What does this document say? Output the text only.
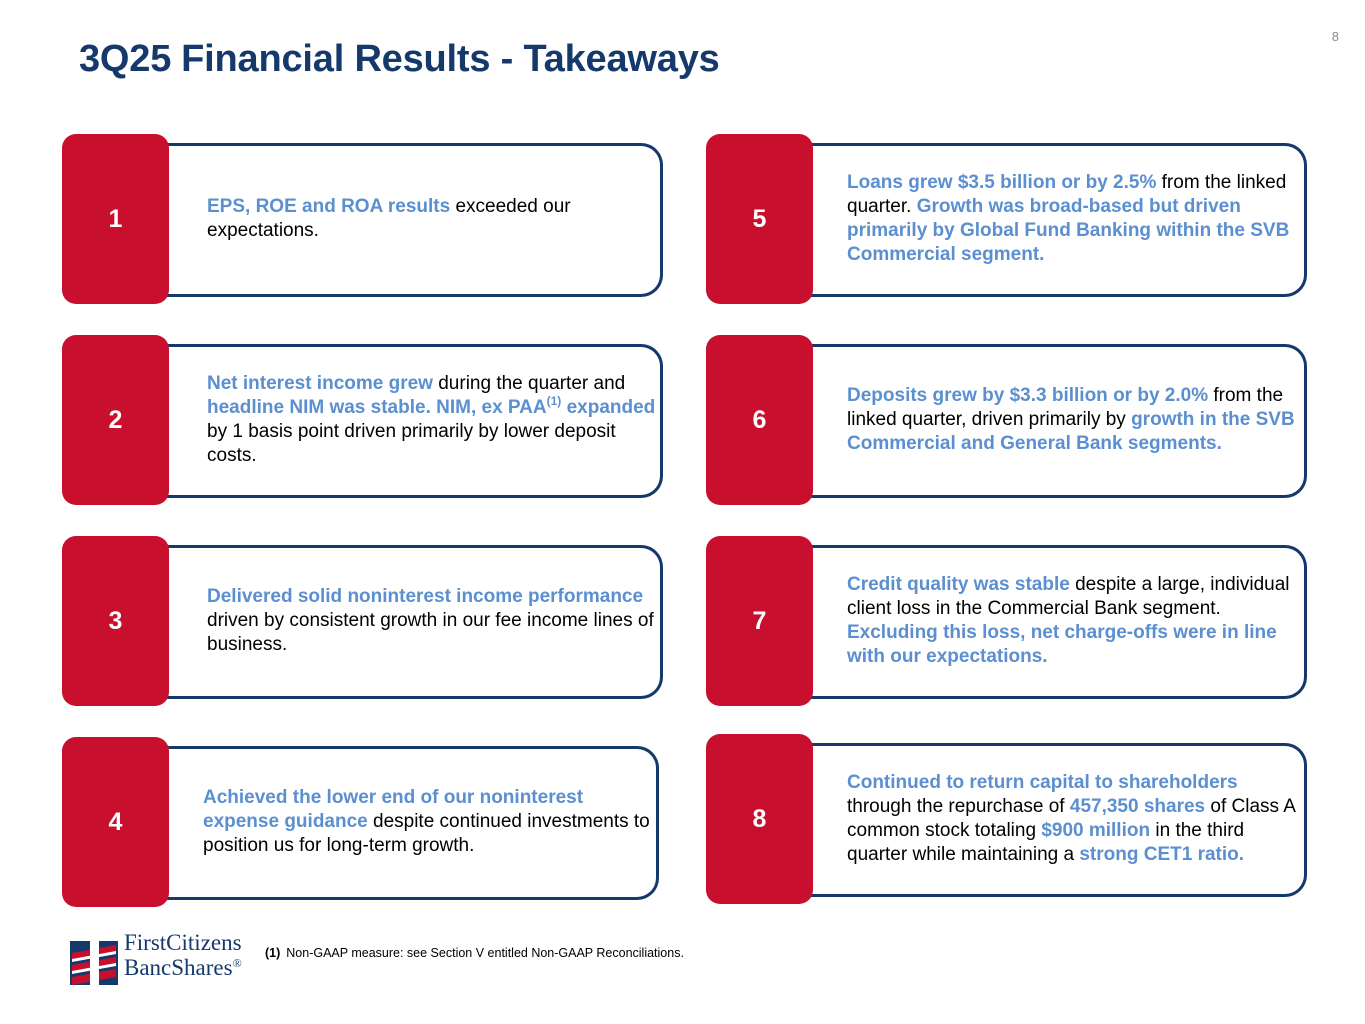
8
3Q25 Financial Results - Takeaways
1	EPS, ROE and ROA results exceeded our expectations.

2

Net interest income grew during the quarter and headline NIM was stable. NIM, ex PAA$^{(1)}$ expanded by 1 basis point driven primarily by lower deposit costs.

3

Delivered solid noninterest income performance driven by consistent growth in our fee income lines of business.

4

Achieved the lower end of our noninterest expense guidance despite continued investments to position us for long-term growth.

5

Loans grew $3.5 billion or by 2.5% from the linked quarter. Growth was broad-based but driven primarily by Global Fund Banking within the SVB Commercial segment.

6

Deposits grew by $3.3 billion or by 2.0% from the linked quarter, driven primarily by growth in the SVB Commercial and General Bank segments.

7

Credit quality was stable despite a large, individual client loss in the Commercial Bank segment. Excluding this loss, net charge-offs were in line with our expectations.

8

Continued to return capital to shareholders through the repurchase of 457,350 shares of Class A common stock totaling $900 million in the third quarter while maintaining a strong CET1 ratio.

FirstCitizens
BancShares®
(1) Non-GAAP measure: see Section V entitled Non-GAAP Reconciliations.
